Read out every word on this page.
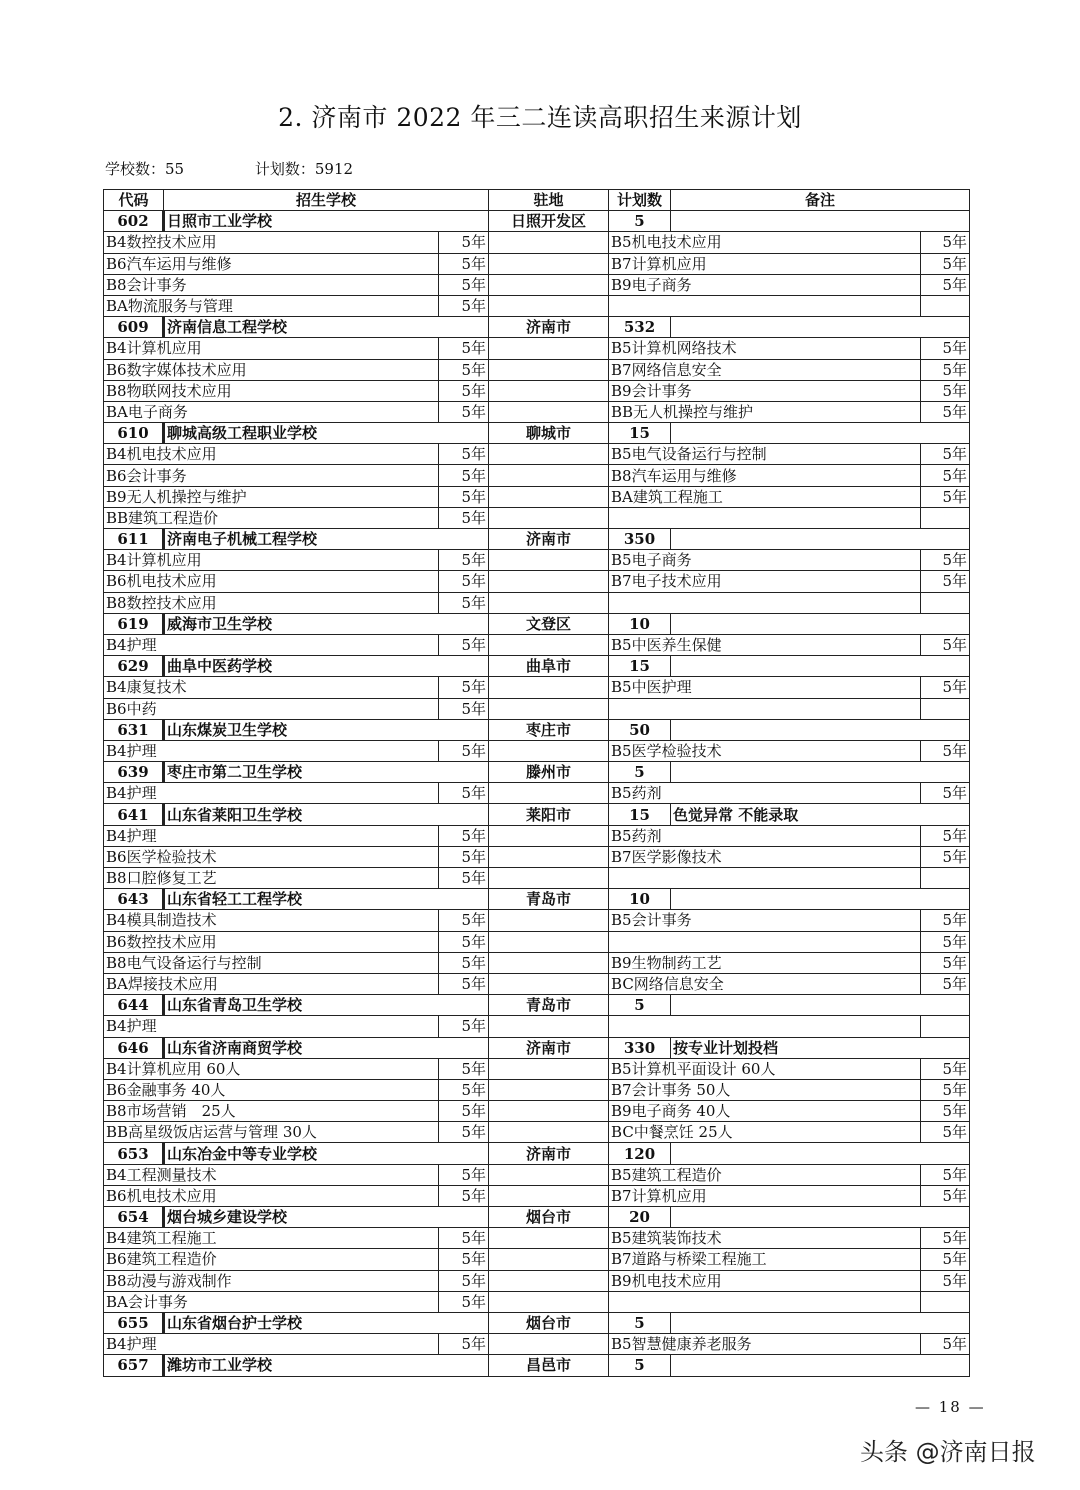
2. 济南市 2022 年三二连读高职招生来源计划
学校数：55	计划数：5912
代码	招生学校		驻地	计划数	备注	
602	日照市工业学校		日照开发区	5		
B4数控技术应用		5年		B5机电技术应用		5年
B6汽车运用与维修		5年		B7计算机应用		5年
B8会计事务		5年		B9电子商务		5年
BA物流服务与管理		5年				
609	济南信息工程学校		济南市	532		
B4计算机应用		5年		B5计算机网络技术		5年
B6数字媒体技术应用		5年		B7网络信息安全		5年
B8物联网技术应用		5年		B9会计事务		5年
BA电子商务		5年		BB无人机操控与维护		5年
610	聊城高级工程职业学校		聊城市	15		
B4机电技术应用		5年		B5电气设备运行与控制		5年
B6会计事务		5年		B8汽车运用与维修		5年
B9无人机操控与维护		5年		BA建筑工程施工		5年
BB建筑工程造价		5年				
611	济南电子机械工程学校		济南市	350		
B4计算机应用		5年		B5电子商务		5年
B6机电技术应用		5年		B7电子技术应用		5年
B8数控技术应用		5年				
619	威海市卫生学校		文登区	10		
B4护理		5年		B5中医养生保健		5年
629	曲阜中医药学校		曲阜市	15		
B4康复技术		5年		B5中医护理		5年
B6中药		5年				
631	山东煤炭卫生学校		枣庄市	50		
B4护理		5年		B5医学检验技术		5年
639	枣庄市第二卫生学校		滕州市	5		
B4护理		5年		B5药剂		5年
641	山东省莱阳卫生学校		莱阳市	15	色觉异常 不能录取	
B4护理		5年		B5药剂		5年
B6医学检验技术		5年		B7医学影像技术		5年
B8口腔修复工艺		5年				
643	山东省轻工工程学校		青岛市	10		
B4模具制造技术		5年		B5会计事务		5年
B6数控技术应用		5年				5年
B8电气设备运行与控制		5年		B9生物制药工艺		5年
BA焊接技术应用		5年		BC网络信息安全		5年
644	山东省青岛卫生学校		青岛市	5		
B4护理		5年				
646	山东省济南商贸学校		济南市	330	按专业计划投档	
B4计算机应用 60人		5年		B5计算机平面设计 60人		5年
B6金融事务 40人		5年		B7会计事务 50人		5年
B8市场营销　25人		5年		B9电子商务 40人		5年
BB高星级饭店运营与管理 30人		5年		BC中餐烹饪 25人		5年
653	山东冶金中等专业学校		济南市	120		
B4工程测量技术		5年		B5建筑工程造价		5年
B6机电技术应用		5年		B7计算机应用		5年
654	烟台城乡建设学校		烟台市	20		
B4建筑工程施工		5年		B5建筑装饰技术		5年
B6建筑工程造价		5年		B7道路与桥梁工程施工		5年
B8动漫与游戏制作		5年		B9机电技术应用		5年
BA会计事务		5年				
655	山东省烟台护士学校		烟台市	5		
B4护理		5年		B5智慧健康养老服务		5年
657	潍坊市工业学校		昌邑市	5		
— 18 —
头条 @济南日报
